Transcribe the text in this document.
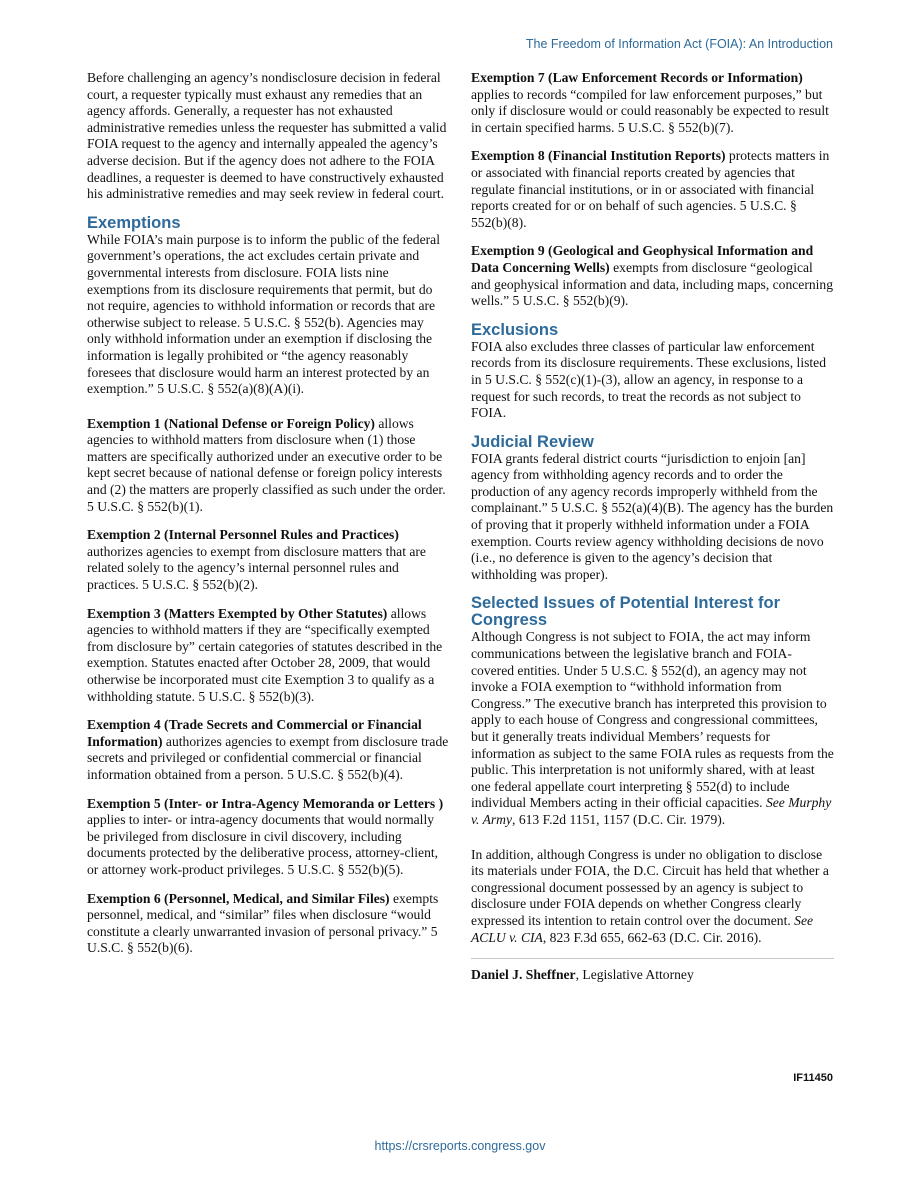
The Freedom of Information Act (FOIA): An Introduction

Before challenging an agency’s nondisclosure decision in federal court, a requester typically must exhaust any remedies that an agency affords. Generally, a requester has not exhausted administrative remedies unless the requester has submitted a valid FOIA request to the agency and internally appealed the agency’s adverse decision. But if the agency does not adhere to the FOIA deadlines, a requester is deemed to have constructively exhausted his administrative remedies and may seek review in federal court.

Exemptions

While FOIA’s main purpose is to inform the public of the federal government’s operations, the act excludes certain private and governmental interests from disclosure. FOIA lists nine exemptions from its disclosure requirements that permit, but do not require, agencies to withhold information or records that are otherwise subject to release. 5 U.S.C. § 552(b). Agencies may only withhold information under an exemption if disclosing the information is legally prohibited or “the agency reasonably foresees that disclosure would harm an interest protected by an exemption.” 5 U.S.C. § 552(a)(8)(A)(i).

Exemption 1 (National Defense or Foreign Policy) allows agencies to withhold matters from disclosure when (1) those matters are specifically authorized under an executive order to be kept secret because of national defense or foreign policy interests and (2) the matters are properly classified as such under the order. 5 U.S.C. § 552(b)(1).

Exemption 2 (Internal Personnel Rules and Practices) authorizes agencies to exempt from disclosure matters that are related solely to the agency’s internal personnel rules and practices. 5 U.S.C. § 552(b)(2).

Exemption 3 (Matters Exempted by Other Statutes) allows agencies to withhold matters if they are “specifically exempted from disclosure by” certain categories of statutes described in the exemption. Statutes enacted after October 28, 2009, that would otherwise be incorporated must cite Exemption 3 to qualify as a withholding statute. 5 U.S.C. § 552(b)(3).

Exemption 4 (Trade Secrets and Commercial or Financial Information) authorizes agencies to exempt from disclosure trade secrets and privileged or confidential commercial or financial information obtained from a person. 5 U.S.C. § 552(b)(4).

Exemption 5 (Inter- or Intra-Agency Memoranda or Letters ) applies to inter- or intra-agency documents that would normally be privileged from disclosure in civil discovery, including documents protected by the deliberative process, attorney-client, or attorney work-product privileges. 5 U.S.C. § 552(b)(5).

Exemption 6 (Personnel, Medical, and Similar Files) exempts personnel, medical, and “similar” files when disclosure “would constitute a clearly unwarranted invasion of personal privacy.” 5 U.S.C. § 552(b)(6).

Exemption 7 (Law Enforcement Records or Information) applies to records “compiled for law enforcement purposes,” but only if disclosure would or could reasonably be expected to result in certain specified harms. 5 U.S.C. § 552(b)(7).

Exemption 8 (Financial Institution Reports) protects matters in or associated with financial reports created by agencies that regulate financial institutions, or in or associated with financial reports created for or on behalf of such agencies. 5 U.S.C. § 552(b)(8).

Exemption 9 (Geological and Geophysical Information and Data Concerning Wells) exempts from disclosure “geological and geophysical information and data, including maps, concerning wells.” 5 U.S.C. § 552(b)(9).

Exclusions

FOIA also excludes three classes of particular law enforcement records from its disclosure requirements. These exclusions, listed in 5 U.S.C. § 552(c)(1)-(3), allow an agency, in response to a request for such records, to treat the records as not subject to FOIA.

Judicial Review

FOIA grants federal district courts “jurisdiction to enjoin [an] agency from withholding agency records and to order the production of any agency records improperly withheld from the complainant.” 5 U.S.C. § 552(a)(4)(B). The agency has the burden of proving that it properly withheld information under a FOIA exemption. Courts review agency withholding decisions de novo (i.e., no deference is given to the agency’s decision that withholding was proper).

Selected Issues of Potential Interest for Congress

Although Congress is not subject to FOIA, the act may inform communications between the legislative branch and FOIA-covered entities. Under 5 U.S.C. § 552(d), an agency may not invoke a FOIA exemption to “withhold information from Congress.” The executive branch has interpreted this provision to apply to each house of Congress and congressional committees, but it generally treats individual Members’ requests for information as subject to the same FOIA rules as requests from the public. This interpretation is not uniformly shared, with at least one federal appellate court interpreting § 552(d) to include individual Members acting in their official capacities. See Murphy v. Army, 613 F.2d 1151, 1157 (D.C. Cir. 1979).

In addition, although Congress is under no obligation to disclose its materials under FOIA, the D.C. Circuit has held that whether a congressional document possessed by an agency is subject to disclosure under FOIA depends on whether Congress clearly expressed its intention to retain control over the document. See ACLU v. CIA, 823 F.3d 655, 662-63 (D.C. Cir. 2016).

Daniel J. Sheffner, Legislative Attorney

IF11450
https://crsreports.congress.gov
